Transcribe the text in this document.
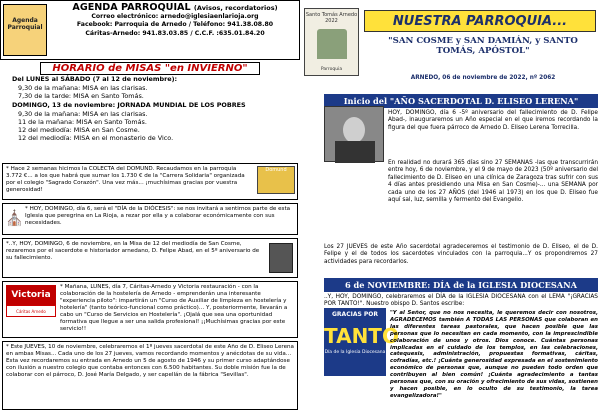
Agenda
Parroquial
AGENDA PARROQUIAL (Avisos, recordatorios)
Correo electrónico: arnedo@iglesiaenlarioja.org
Facebook: Parroquia de Arnedo / Teléfono: 941.38.08.80
Cáritas-Arnedo: 941.83.03.85 / C.C.F. :635.01.84.20
HORARIO de MISAS "en INVIERNO"
Del LUNES al SÁBADO (7 al 12 de noviembre):
9,30 de la mañana: MISA en las clarisas.
7,30 de la tarde: MISA en Santo Tomás.
DOMINGO, 13 de noviembre: JORNADA MUNDIAL DE LOS POBRES
9,30 de la mañana: MISA en las clarisas.
11 de la mañana: MISA en Santo Tomás.
12 del mediodía: MISA en San Cosme.
12 del mediodía: MISA en el monasterio de Vico.
* Hace 2 semanas hicimos la COLECTA del DOMUND. Recaudamos en la parroquia 3.772 €... a los que habrá que sumar los 1.730 € de la "Carrera Solidaria" organizada por el colegio "Sagrado Corazón". Una vez más... ¡muchísimas gracias por vuestra generosidad!
Domund
⛪ * HOY, DOMINGO, día 6, será el "DÍA de la DIÓCESIS": se nos invitará a sentirnos parte de esta Iglesia que peregrina en La Rioja, a rezar por ella y a colaborar económicamente con sus necesidades.
*..Y, HOY, DOMINGO, 6 de noviembre, en la Misa de 12 del mediodía de San Cosme, rezaremos por el sacerdote e historiador arnedano, D. Felipe Abad, en el 5º aniversario de su fallecimiento.
Victoria
Cáritas Arnedo
* Mañana, LUNES, día 7, Cáritas-Arnedo y Victoria restauración - con la colaboración de la hostelería de Arnedo - emprenderán una interesante "experiencia piloto": impartirán un "Curso de Auxiliar de limpieza en hostelería y hotelería" (tanto teórico-funcional como práctico)... Y, posteriormente, llevarán a cabo un "Curso de Servicios en Hostelería". ¡Ojalá que sea una oportunidad formativa que llegue a ser una salida profesional! ¡¡Muchísimas gracias por este servicio!!
* Este JUEVES, 10 de noviembre, celebraremos el 1º jueves sacerdotal de este Año de D. Eliseo Lerena en ambas Misas... Cada uno de los 27 jueves, vamos recordando momentos y anécdotas de su vida... Esta vez recordaremos su entrada en Arnedo un 5 de agosto de 1946 y su primer curso adaptándose con ilusión a nuestro colegio que contaba entonces con 6.500 habitantes. Su doble misión fue la de colaborar con el párroco, D. José María Delgado, y ser capellán de la fábrica "Sevillas".
Santo Tomás Arnedo 2022
Parroquia
NUESTRA PARROQUIA...
"SAN COSME y SAN DAMIÁN, y SANTO TOMÁS, APÓSTOL"
ARNEDO, 06 de noviembre de 2022, nº 2062
Inicio del "AÑO SACERDOTAL D. ELISEO LERENA"
HOY, DOMINGO, día 6 -5º aniversario del fallecimiento de D. Felipe Abad-, inauguraremos un Año especial en el que iremos recordando la figura del que fuera párroco de Arnedo D. Eliseo Lerena Torrecilla.
En realidad no durará 365 días sino 27 SEMANAS -las que transcurrirán entre hoy, 6 de noviembre, y el 9 de mayo de 2023 (50º aniversario del fallecimiento de D. Eliseo en una clínica de Zaragoza tras sufrir con sus 4 días antes presidiendo una Misa en San Cosme)-... una SEMANA por cada uno de los 27 AÑOS (del 1946 al 1973) en los que D. Eliseo fue aquí sal, luz, semilla y fermento del Evangelio.
Los 27 JUEVES de este Año sacerdotal agradeceremos el testimonio de D. Eliseo, el de D. Felipe y el de todos los sacerdotes vinculados con la parroquia...Y os propondremos 27 actividades para recordarlos.
6 de NOVIEMBRE: DÍA de la IGLESIA DIOCESANA
..Y, HOY, DOMINGO, celebraremos el DÍA de la IGLESIA DIOCESANA con el LEMA "¡GRACIAS POR TANTO!". Nuestro obispo D. Santos escribe:
GRACIAS POR
TANTO
Día de la Iglesia Diocesana
"Y al Señor, que no nos necesita, le queremos decir con nosotros, AGRADECEMOS también A TODAS LAS PERSONAS que colaboran en las diferentes tareas pastorales, que hacen posible que las personas que lo necesitan en cada momento, con la imprescindible colaboración de unos y otros. Dios conoce. Cuántas personas implicadas en el cuidado de los templos, en las celebraciones, catequesis, administración, propuestas formativas, cáritas, cofradías, etc.! ¡Cuánta generosidad expresada en el sostenimiento económico de personas que, aunque no pueden todo orden que contribuyen al bien común! ¡Cuánta agradecimiento a tantas personas que, con su oración y ofrecimiento de sus vidas, sostienen y hacen posible, en lo oculto de su testimonio, la tarea evangelizadora!"
